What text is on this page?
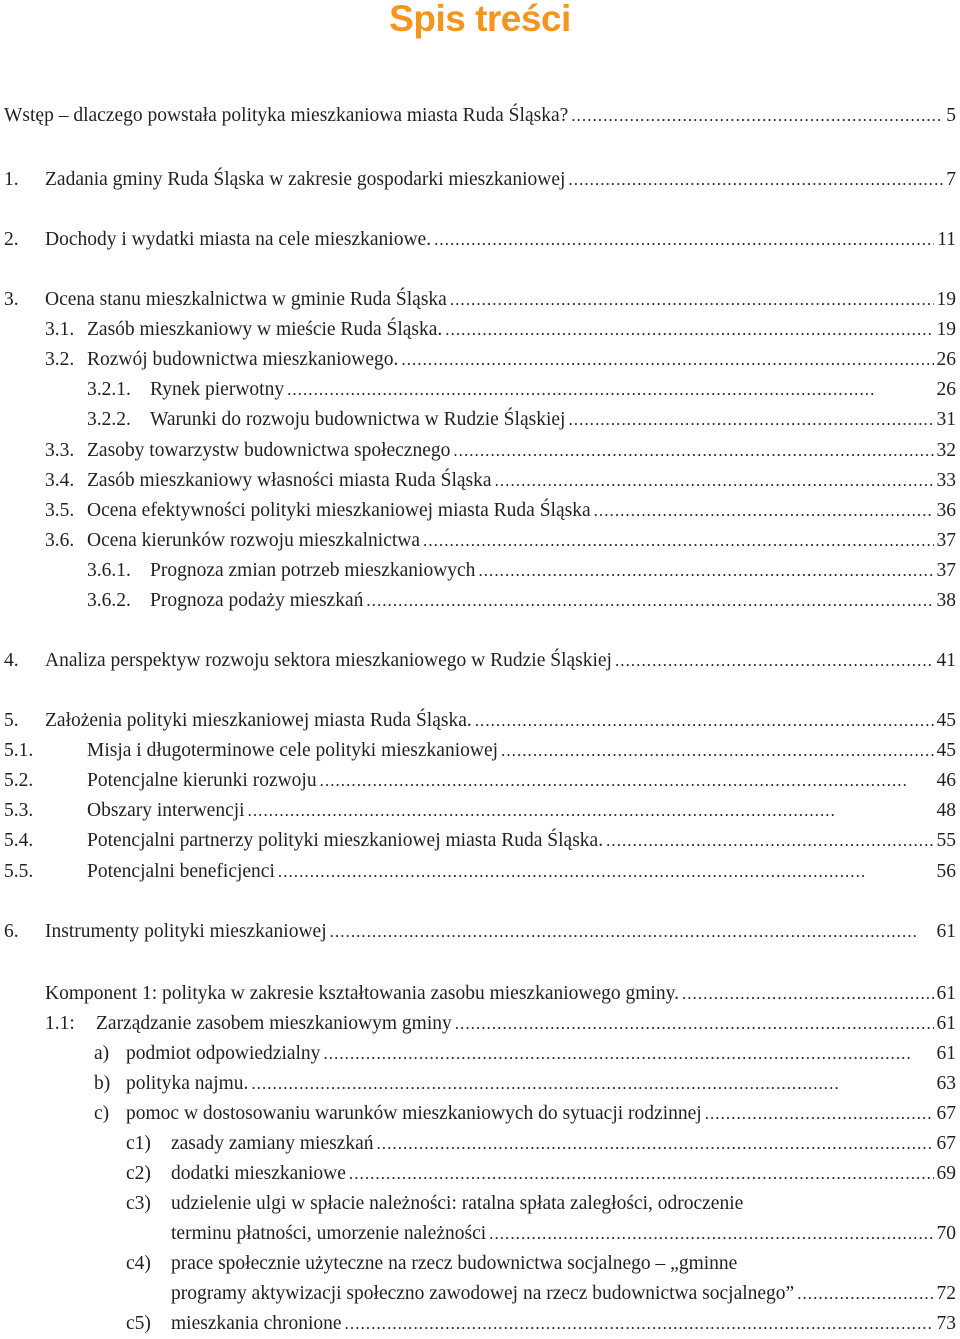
Spis treści
Wstęp – dlaczego powstała polityka mieszkaniowa miasta Ruda Śląska? . . .	5
1.	Zadania gminy Ruda Śląska w zakresie gospodarki mieszkaniowej . . .	7
2.	Dochody i wydatki miasta na cele mieszkaniowe. . . .	11
3.	Ocena stanu mieszkalnictwa w gminie Ruda Śląska . . .	19
3.1. Zasób mieszkaniowy w mieście Ruda Śląska. . . .	19
3.2. Rozwój budownictwa mieszkaniowego. . . .	26
3.2.1. Rynek pierwotny . . .	26
3.2.2. Warunki do rozwoju budownictwa w Rudzie Śląskiej . . .	31
3.3. Zasoby towarzystw budownictwa społecznego . . .	32
3.4. Zasób mieszkaniowy własności miasta Ruda Śląska . . .	33
3.5. Ocena efektywności polityki mieszkaniowej miasta Ruda Śląska . . .	36
3.6. Ocena kierunków rozwoju mieszkalnictwa . . .	37
3.6.1. Prognoza zmian potrzeb mieszkaniowych . . .	37
3.6.2. Prognoza podaży mieszkań . . .	38
4.	Analiza perspektyw rozwoju sektora mieszkaniowego w Rudzie Śląskiej . . .	41
5.	Założenia polityki mieszkaniowej miasta Ruda Śląska. . . .	45
5.1.	Misja i długoterminowe cele polityki mieszkaniowej . . .	45
5.2.	Potencjalne kierunki rozwoju . . .	46
5.3.	Obszary interwencji . . .	48
5.4.	Potencjalni partnerzy polityki mieszkaniowej miasta Ruda Śląska. . . .	55
5.5.	Potencjalni beneficjenci . . .	56
6.	Instrumenty polityki mieszkaniowej . . .	61
Komponent 1: polityka w zakresie kształtowania zasobu mieszkaniowego gminy. . . .	61
1.1:	Zarządzanie zasobem mieszkaniowym gminy . . .	61
a) podmiot odpowiedzialny . . .	61
b) polityka najmu. . . .	63
c) pomoc w dostosowaniu warunków mieszkaniowych do sytuacji rodzinnej . . .	67
c1)	zasady zamiany mieszkań . . .	67
c2)	dodatki mieszkaniowe . . .	69
c3) udzielenie ulgi w spłacie należności: ratalna spłata zaległości, odroczenie
terminu płatności, umorzenie należności . . .	70
c4) prace społecznie użyteczne na rzecz budownictwa socjalnego – „gminne
programy aktywizacji społeczno zawodowej na rzecz budownictwa socjalnego” . . .	72
c5)	mieszkania chronione . . .	73
